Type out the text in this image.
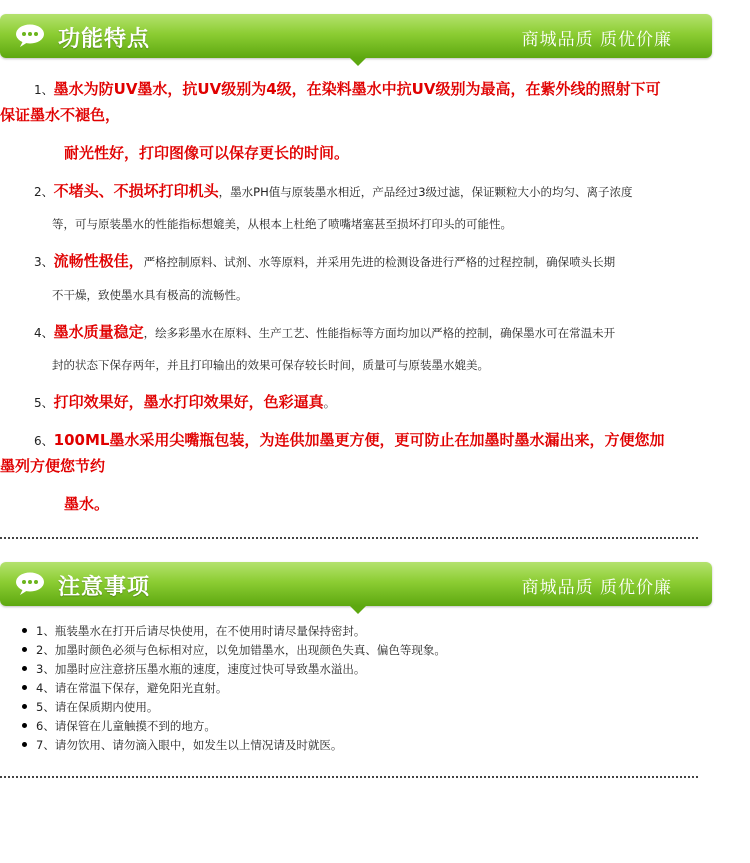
功能特点	商城品质 质优价廉
1、墨水为防UV墨水，抗UV级别为4级，在染料墨水中抗UV级别为最高，在紫外线的照射下可
保证墨水不褪色，
耐光性好，打印图像可以保存更长的时间。
2、不堵头、不损坏打印机头，墨水PH值与原装墨水相近，产品经过3级过滤，保证颗粒大小的均匀、离子浓度
等，可与原装墨水的性能指标想媲美，从根本上杜绝了喷嘴堵塞甚至损坏打印头的可能性。
3、流畅性极佳，严格控制原料、试剂、水等原料，并采用先进的检测设备进行严格的过程控制，确保喷头长期
不干燥，致使墨水具有极高的流畅性。
4、墨水质量稳定，绘多彩墨水在原料、生产工艺、性能指标等方面均加以严格的控制，确保墨水可在常温未开
封的状态下保存两年，并且打印输出的效果可保存较长时间，质量可与原装墨水媲美。
5、打印效果好，墨水打印效果好，色彩逼真。
6、100ML墨水采用尖嘴瓶包装，为连供加墨更方便，更可防止在加墨时墨水漏出来，方便您加
墨列方便您节约
墨水。
注意事项	商城品质 质优价廉
1、瓶装墨水在打开后请尽快使用，在不使用时请尽量保持密封。
2、加墨时颜色必须与色标相对应，以免加错墨水，出现颜色失真、偏色等现象。
3、加墨时应注意挤压墨水瓶的速度，速度过快可导致墨水溢出。
4、请在常温下保存，避免阳光直射。
5、请在保质期内使用。
6、请保管在儿童触摸不到的地方。
7、请勿饮用、请勿滴入眼中，如发生以上情况请及时就医。
